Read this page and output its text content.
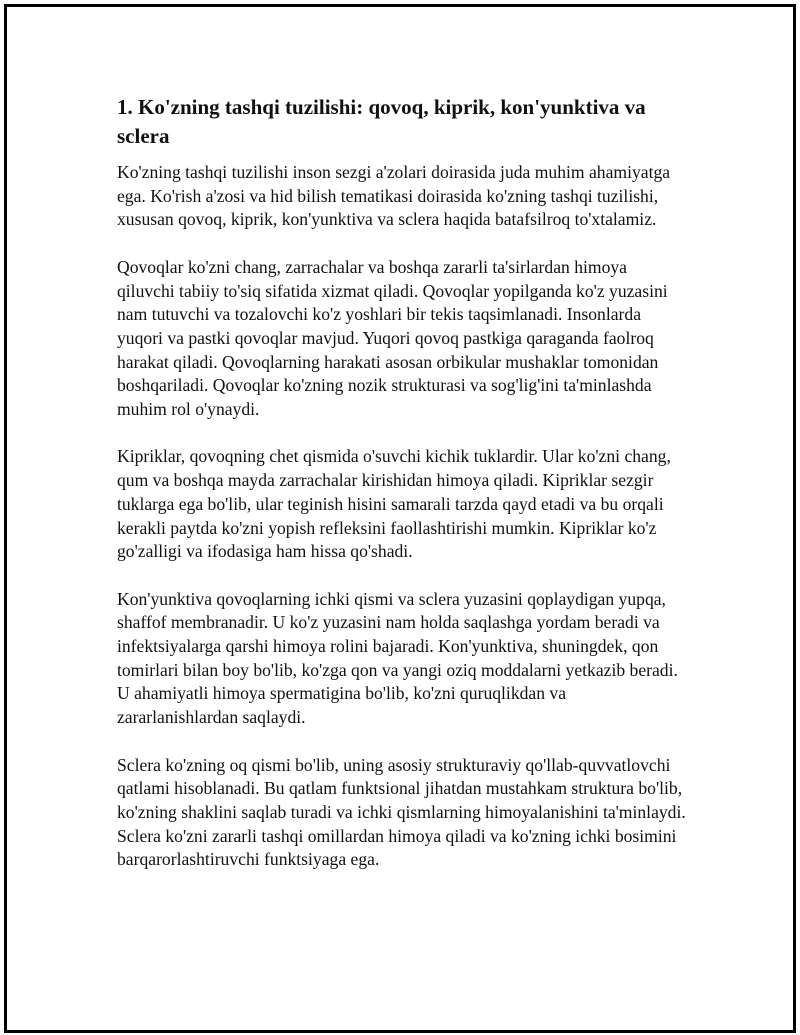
1. Ko'zning tashqi tuzilishi: qovoq, kiprik, kon'yunktiva va sclera

Ko'zning tashqi tuzilishi inson sezgi a'zolari doirasida juda muhim ahamiyatga ega. Ko'rish a'zosi va hid bilish tematikasi doirasida ko'zning tashqi tuzilishi, xususan qovoq, kiprik, kon'yunktiva va sclera haqida batafsilroq to'xtalamiz.

Qovoqlar ko'zni chang, zarrachalar va boshqa zararli ta'sirlardan himoya qiluvchi tabiiy to'siq sifatida xizmat qiladi. Qovoqlar yopilganda ko'z yuzasini nam tutuvchi va tozalovchi ko'z yoshlari bir tekis taqsimlanadi. Insonlarda yuqori va pastki qovoqlar mavjud. Yuqori qovoq pastkiga qaraganda faolroq harakat qiladi. Qovoqlarning harakati asosan orbikular mushaklar tomonidan boshqariladi. Qovoqlar ko'zning nozik strukturasi va sog'lig'ini ta'minlashda muhim rol o'ynaydi.

Kipriklar, qovoqning chet qismida o'suvchi kichik tuklardir. Ular ko'zni chang, qum va boshqa mayda zarrachalar kirishidan himoya qiladi. Kipriklar sezgir tuklarga ega bo'lib, ular teginish hisini samarali tarzda qayd etadi va bu orqali kerakli paytda ko'zni yopish refleksini faollashtirishi mumkin. Kipriklar ko'z go'zalligi va ifodasiga ham hissa qo'shadi.

Kon'yunktiva qovoqlarning ichki qismi va sclera yuzasini qoplaydigan yupqa, shaffof membranadir. U ko'z yuzasini nam holda saqlashga yordam beradi va infektsiyalarga qarshi himoya rolini bajaradi. Kon'yunktiva, shuningdek, qon tomirlari bilan boy bo'lib, ko'zga qon va yangi oziq moddalarni yetkazib beradi. U ahamiyatli himoya spermatigina bo'lib, ko'zni quruqlikdan va zararlanishlardan saqlaydi.

Sclera ko'zning oq qismi bo'lib, uning asosiy strukturaviy qo'llab-quvvatlovchi qatlami hisoblanadi. Bu qatlam funktsional jihatdan mustahkam struktura bo'lib, ko'zning shaklini saqlab turadi va ichki qismlarning himoyalanishini ta'minlaydi. Sclera ko'zni zararli tashqi omillardan himoya qiladi va ko'zning ichki bosimini barqarorlashtiruvchi funktsiyaga ega.
